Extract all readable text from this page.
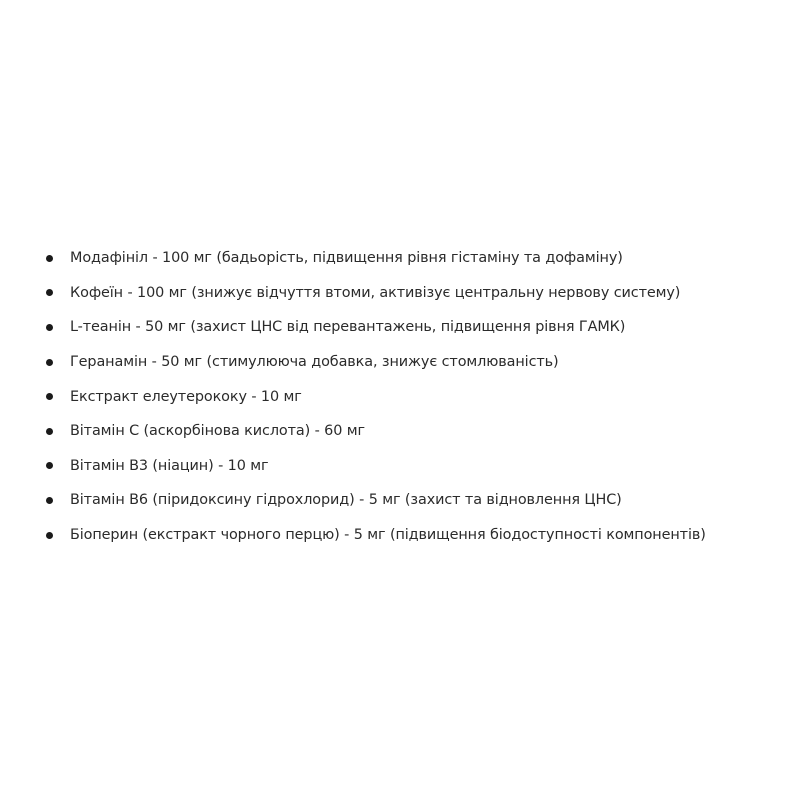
Модафініл - 100 мг (бадьорість, підвищення рівня гістаміну та дофаміну)
Кофеїн - 100 мг (знижує відчуття втоми, активізує центральну нервову систему)
L-теанін - 50 мг (захист ЦНС від перевантажень, підвищення рівня ГАМК)
Геранамін - 50 мг (стимулююча добавка, знижує стомлюваність)
Екстракт елеутерококу - 10 мг
Вітамін С (аскорбінова кислота) - 60 мг
Вітамін В3 (ніацин) - 10 мг
Вітамін В6 (піридоксину гідрохлорид) - 5 мг (захист та відновлення ЦНС)
Біоперин (екстракт чорного перцю) - 5 мг (підвищення біодоступності компонентів)
